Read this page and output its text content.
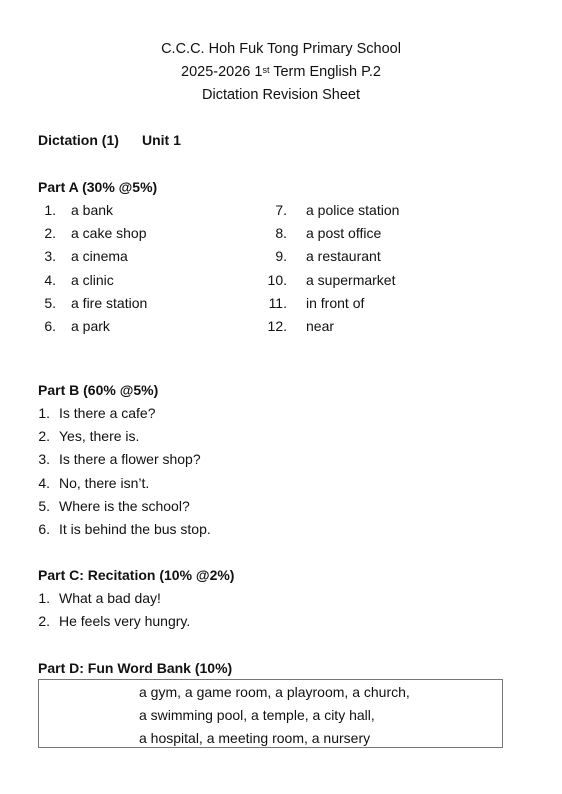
C.C.C. Hoh Fuk Tong Primary School
2025-2026 1st Term English P.2
Dictation Revision Sheet
Dictation (1) Unit 1
Part A (30% @5%)
1. a bank
2. a cake shop
3. a cinema
4. a clinic
5. a fire station
6. a park
7. a police station
8. a post office
9. a restaurant
10. a supermarket
11. in front of
12. near
Part B (60% @5%)
1. Is there a cafe?
2. Yes, there is.
3. Is there a flower shop?
4. No, there isn’t.
5. Where is the school?
6. It is behind the bus stop.
Part C: Recitation (10% @2%)
1. What a bad day!
2. He feels very hungry.
Part D: Fun Word Bank (10%)
a gym, a game room, a playroom, a church,
a swimming pool, a temple, a city hall,
a hospital, a meeting room, a nursery
